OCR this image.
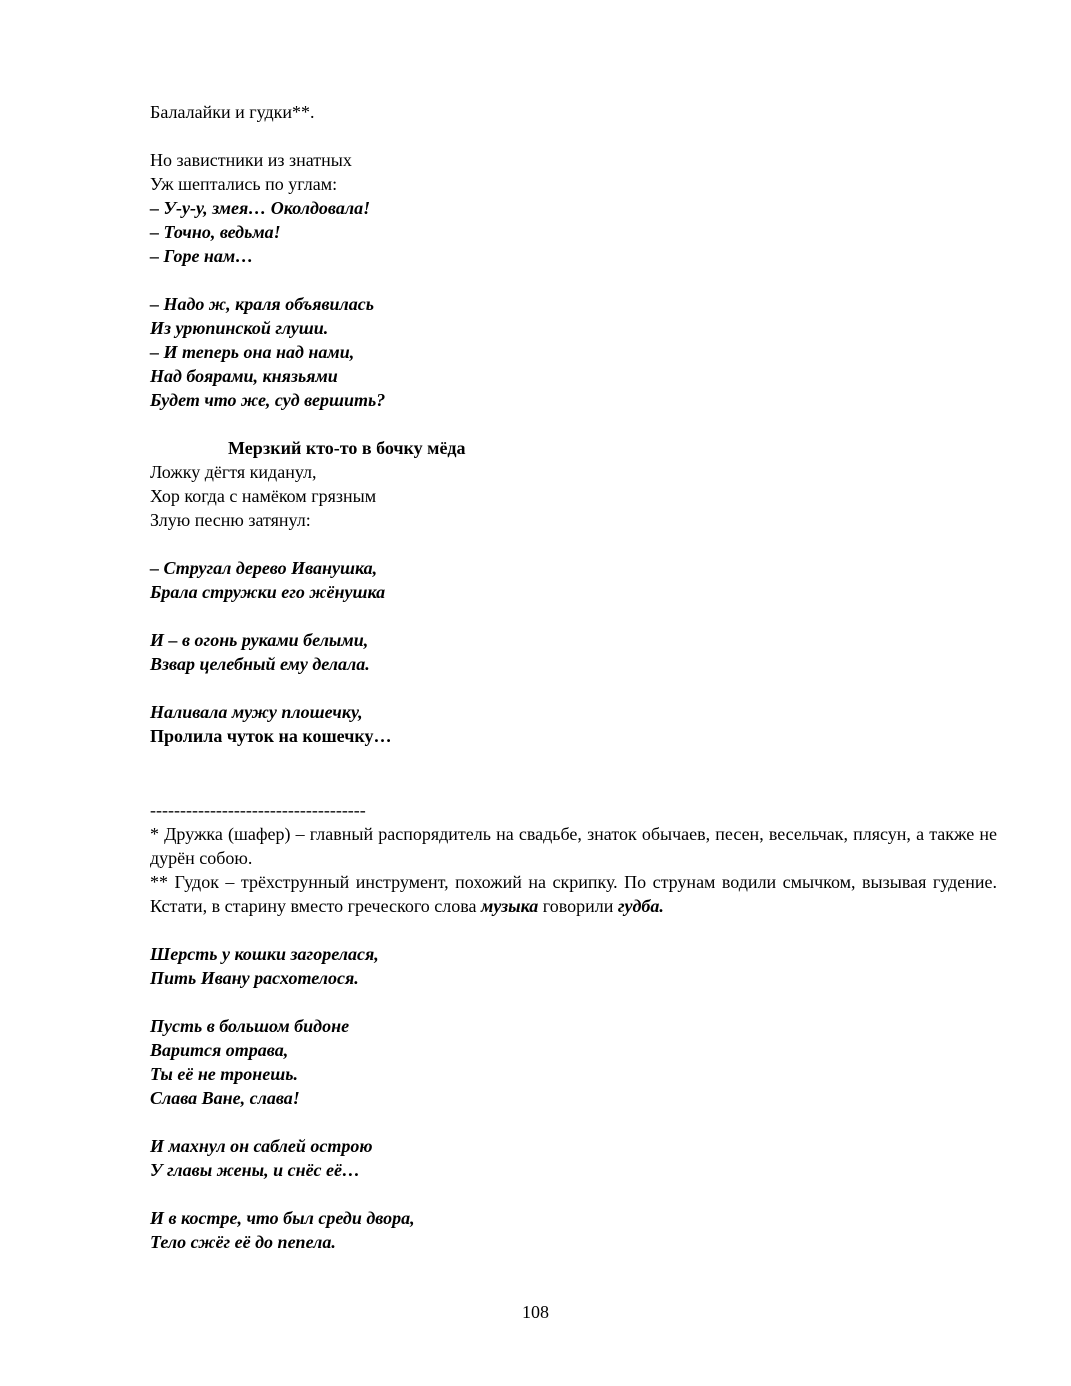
Балалайки и гудки**.
Но завистники из знатных
Уж шептались по углам:
– У-у-у, змея… Околдовала!
– Точно, ведьма!
– Горе нам…
– Надо ж, краля объявилась
Из урюпинской глуши.
– И теперь она над нами,
Над боярами, князьями
Будет что же, суд вершить?
Мерзкий кто-то в бочку мёда
Ложку дёгтя киданул,
Хор когда с намёком грязным
Злую песню затянул:
– Стругал дерево Иванушка,
Брала стружки его жёнушка
И – в огонь руками белыми,
Взвар целебный ему делала.
Наливала мужу плошечку,
Пролила чуток на кошечку…
------------------------------------
* Дружка (шафер) – главный распорядитель на свадьбе, знаток обычаев, песен, весельчак, плясун, а также не дурён собою.
** Гудок – трёхструнный инструмент, похожий на скрипку. По струнам водили смычком, вызывая гудение. Кстати, в старину вместо греческого слова музыка говорили гудба.
Шерсть у кошки загорелася,
Пить Ивану расхотелося.
Пусть в большом бидоне
Варится отрава,
Ты её не тронешь.
Слава Ване, слава!
И махнул он саблей острою
У главы жены, и снёс её…
И в костре, что был среди двора,
Тело сжёг её до пепела.
108
